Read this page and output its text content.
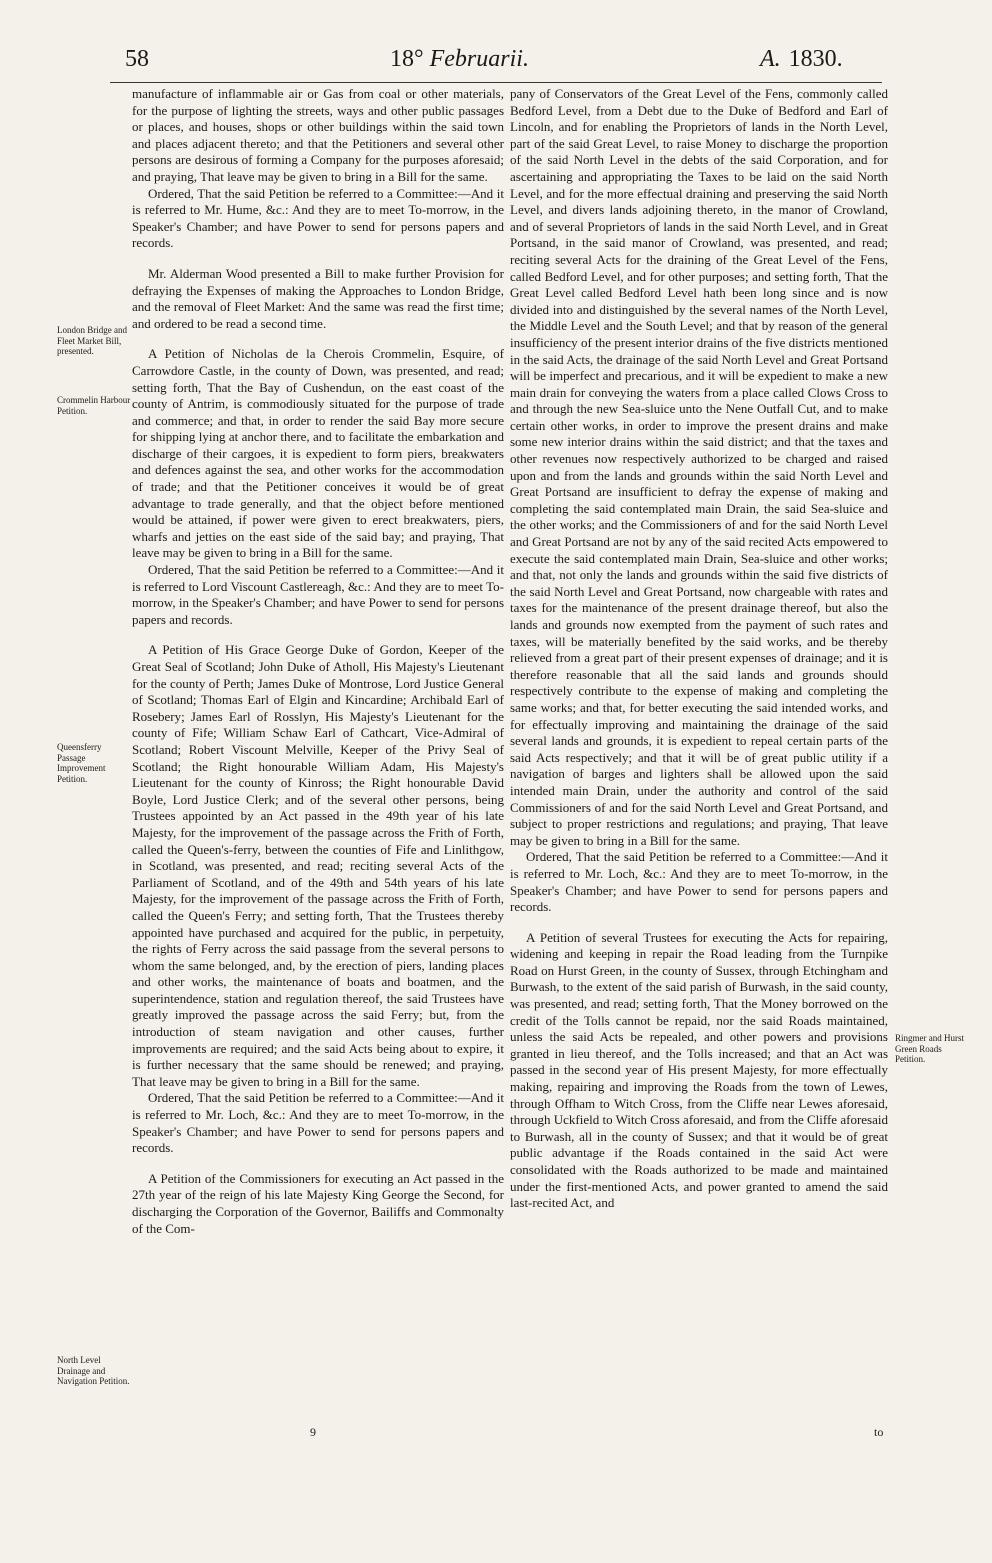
58	18° Februarii.	A. 1830.
London Bridge and Fleet Market Bill, presented.
Crommelin Harbour Petition.
Queensferry Passage Improvement Petition.
North Level Drainage and Navigation Petition.
Ringmer and Hurst Green Roads Petition.

manufacture of inflammable air or Gas from coal or other materials, for the purpose of lighting the streets, ways and other public passages or places, and houses, shops or other buildings within the said town and places adjacent thereto; and that the Petitioners and several other persons are desirous of forming a Company for the purposes aforesaid; and praying, That leave may be given to bring in a Bill for the same.

Ordered, That the said Petition be referred to a Committee:—And it is referred to Mr. Hume, &c.: And they are to meet To-morrow, in the Speaker's Chamber; and have Power to send for persons papers and records.

Mr. Alderman Wood presented a Bill to make further Provision for defraying the Expenses of making the Approaches to London Bridge, and the removal of Fleet Market: And the same was read the first time; and ordered to be read a second time.

A Petition of Nicholas de la Cherois Crommelin, Esquire, of Carrowdore Castle, in the county of Down, was presented, and read; setting forth, That the Bay of Cushendun, on the east coast of the county of Antrim, is commodiously situated for the purpose of trade and commerce; and that, in order to render the said Bay more secure for shipping lying at anchor there, and to facilitate the embarkation and discharge of their cargoes, it is expedient to form piers, breakwaters and defences against the sea, and other works for the accommodation of trade; and that the Petitioner conceives it would be of great advantage to trade generally, and that the object before mentioned would be attained, if power were given to erect breakwaters, piers, wharfs and jetties on the east side of the said bay; and praying, That leave may be given to bring in a Bill for the same.

Ordered, That the said Petition be referred to a Committee:—And it is referred to Lord Viscount Castlereagh, &c.: And they are to meet To-morrow, in the Speaker's Chamber; and have Power to send for persons papers and records.

A Petition of His Grace George Duke of Gordon, Keeper of the Great Seal of Scotland; John Duke of Atholl, His Majesty's Lieutenant for the county of Perth; James Duke of Montrose, Lord Justice General of Scotland; Thomas Earl of Elgin and Kincardine; Archibald Earl of Rosebery; James Earl of Rosslyn, His Majesty's Lieutenant for the county of Fife; William Schaw Earl of Cathcart, Vice-Admiral of Scotland; Robert Viscount Melville, Keeper of the Privy Seal of Scotland; the Right honourable William Adam, His Majesty's Lieutenant for the county of Kinross; the Right honourable David Boyle, Lord Justice Clerk; and of the several other persons, being Trustees appointed by an Act passed in the 49th year of his late Majesty, for the improvement of the passage across the Frith of Forth, called the Queen's-ferry, between the counties of Fife and Linlithgow, in Scotland, was presented, and read; reciting several Acts of the Parliament of Scotland, and of the 49th and 54th years of his late Majesty, for the improvement of the passage across the Frith of Forth, called the Queen's Ferry; and setting forth, That the Trustees thereby appointed have purchased and acquired for the public, in perpetuity, the rights of Ferry across the said passage from the several persons to whom the same belonged, and, by the erection of piers, landing places and other works, the maintenance of boats and boatmen, and the superintendence, station and regulation thereof, the said Trustees have greatly improved the passage across the said Ferry; but, from the introduction of steam navigation and other causes, further improvements are required; and the said Acts being about to expire, it is further necessary that the same should be renewed; and praying, That leave may be given to bring in a Bill for the same.

Ordered, That the said Petition be referred to a Committee:—And it is referred to Mr. Loch, &c.: And they are to meet To-morrow, in the Speaker's Chamber; and have Power to send for persons papers and records.

A Petition of the Commissioners for executing an Act passed in the 27th year of the reign of his late Majesty King George the Second, for discharging the Corporation of the Governor, Bailiffs and Commonalty of the Com-

pany of Conservators of the Great Level of the Fens, commonly called Bedford Level, from a Debt due to the Duke of Bedford and Earl of Lincoln, and for enabling the Proprietors of lands in the North Level, part of the said Great Level, to raise Money to discharge the proportion of the said North Level in the debts of the said Corporation, and for ascertaining and appropriating the Taxes to be laid on the said North Level, and for the more effectual draining and preserving the said North Level, and divers lands adjoining thereto, in the manor of Crowland, and of several Proprietors of lands in the said North Level, and in Great Portsand, in the said manor of Crowland, was presented, and read; reciting several Acts for the draining of the Great Level of the Fens, called Bedford Level, and for other purposes; and setting forth, That the Great Level called Bedford Level hath been long since and is now divided into and distinguished by the several names of the North Level, the Middle Level and the South Level; and that by reason of the general insufficiency of the present interior drains of the five districts mentioned in the said Acts, the drainage of the said North Level and Great Portsand will be imperfect and precarious, and it will be expedient to make a new main drain for conveying the waters from a place called Clows Cross to and through the new Sea-sluice unto the Nene Outfall Cut, and to make certain other works, in order to improve the present drains and make some new interior drains within the said district; and that the taxes and other revenues now respectively authorized to be charged and raised upon and from the lands and grounds within the said North Level and Great Portsand are insufficient to defray the expense of making and completing the said contemplated main Drain, the said Sea-sluice and the other works; and the Commissioners of and for the said North Level and Great Portsand are not by any of the said recited Acts empowered to execute the said contemplated main Drain, Sea-sluice and other works; and that, not only the lands and grounds within the said five districts of the said North Level and Great Portsand, now chargeable with rates and taxes for the maintenance of the present drainage thereof, but also the lands and grounds now exempted from the payment of such rates and taxes, will be materially benefited by the said works, and be thereby relieved from a great part of their present expenses of drainage; and it is therefore reasonable that all the said lands and grounds should respectively contribute to the expense of making and completing the same works; and that, for better executing the said intended works, and for effectually improving and maintaining the drainage of the said several lands and grounds, it is expedient to repeal certain parts of the said Acts respectively; and that it will be of great public utility if a navigation of barges and lighters shall be allowed upon the said intended main Drain, under the authority and control of the said Commissioners of and for the said North Level and Great Portsand, and subject to proper restrictions and regulations; and praying, That leave may be given to bring in a Bill for the same.

Ordered, That the said Petition be referred to a Committee:—And it is referred to Mr. Loch, &c.: And they are to meet To-morrow, in the Speaker's Chamber; and have Power to send for persons papers and records.

A Petition of several Trustees for executing the Acts for repairing, widening and keeping in repair the Road leading from the Turnpike Road on Hurst Green, in the county of Sussex, through Etchingham and Burwash, to the extent of the said parish of Burwash, in the said county, was presented, and read; setting forth, That the Money borrowed on the credit of the Tolls cannot be repaid, nor the said Roads maintained, unless the said Acts be repealed, and other powers and provisions granted in lieu thereof, and the Tolls increased; and that an Act was passed in the second year of His present Majesty, for more effectually making, repairing and improving the Roads from the town of Lewes, through Offham to Witch Cross, from the Cliffe near Lewes aforesaid, through Uckfield to Witch Cross aforesaid, and from the Cliffe aforesaid to Burwash, all in the county of Sussex; and that it would be of great public advantage if the Roads contained in the said Act were consolidated with the Roads authorized to be made and maintained under the first-mentioned Acts, and power granted to amend the said last-recited Act, and

9	to
